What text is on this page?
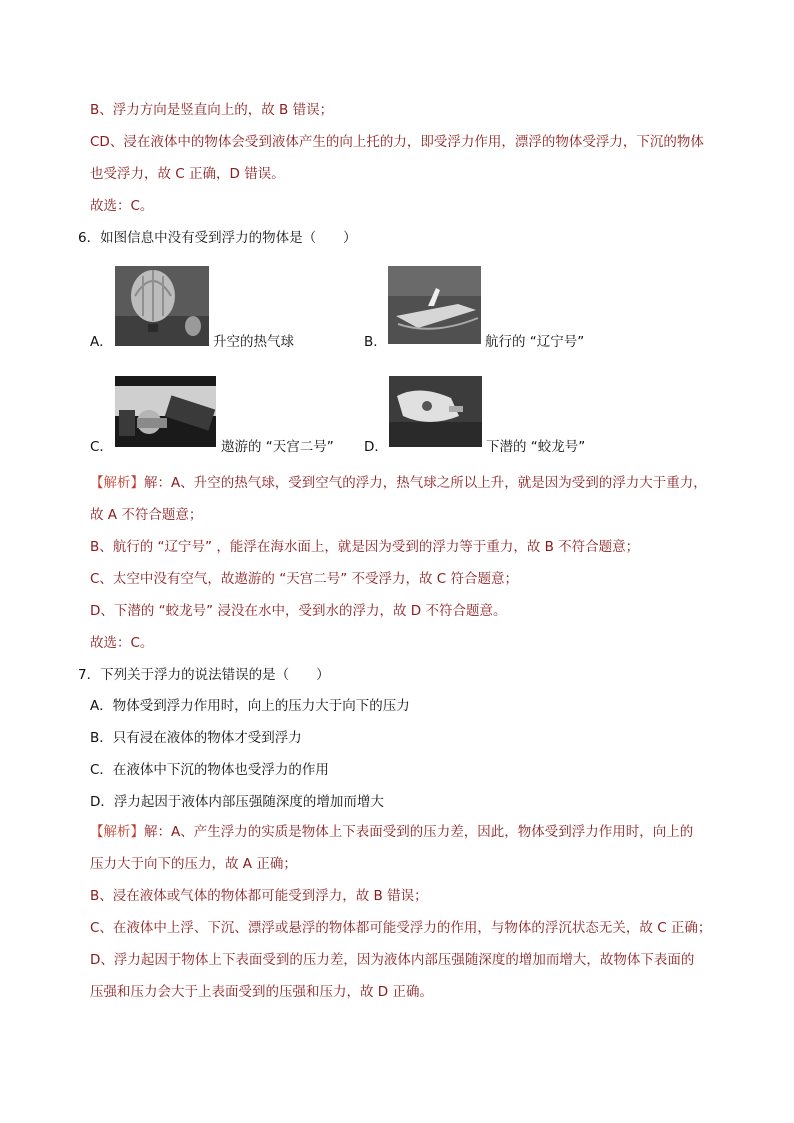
B、浮力方向是竖直向上的，故 B 错误；
CD、浸在液体中的物体会受到液体产生的向上托的力，即受浮力作用，漂浮的物体受浮力，下沉的物体
也受浮力，故 C 正确，D 错误。
故选：C。
6．如图信息中没有受到浮力的物体是（　　）
A．	升空的热气球	B．	航行的 “辽宁号”
C．	遨游的 “天宫二号” D．	下潜的 “蛟龙号”
【解析】解：A、升空的热气球，受到空气的浮力，热气球之所以上升，就是因为受到的浮力大于重力，
故 A 不符合题意；
B、航行的 “辽宁号” ，能浮在海水面上，就是因为受到的浮力等于重力，故 B 不符合题意；
C、太空中没有空气，故遨游的 “天宫二号” 不受浮力，故 C 符合题意；
D、下潜的 “蛟龙号” 浸没在水中，受到水的浮力，故 D 不符合题意。
故选：C。
7．下列关于浮力的说法错误的是（　　）
A．物体受到浮力作用时，向上的压力大于向下的压力
B．只有浸在液体的物体才受到浮力
C．在液体中下沉的物体也受浮力的作用
D．浮力起因于液体内部压强随深度的增加而增大
【解析】解：A、产生浮力的实质是物体上下表面受到的压力差，因此，物体受到浮力作用时，向上的
压力大于向下的压力，故 A 正确；
B、浸在液体或气体的物体都可能受到浮力，故 B 错误；
C、在液体中上浮、下沉、漂浮或悬浮的物体都可能受浮力的作用，与物体的浮沉状态无关，故 C 正确；
D、浮力起因于物体上下表面受到的压力差，因为液体内部压强随深度的增加而增大，故物体下表面的
压强和压力会大于上表面受到的压强和压力，故 D 正确。
